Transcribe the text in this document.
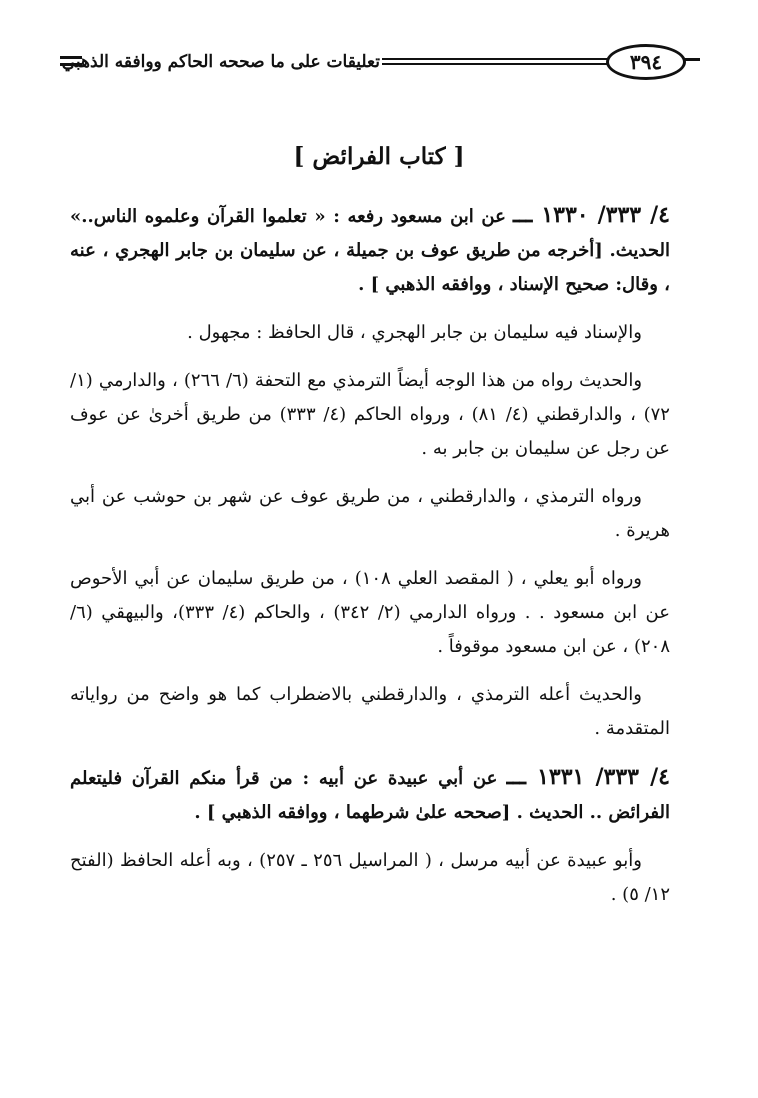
تعليقات على ما صححه الحاكم ووافقه الذهبي	٣٩٤
[ كتاب الفرائض ]

٤/ ٣٣٣/ ١٣٣٠ ـــ عن ابن مسعود رفعه : « تعلموا القرآن وعلموه الناس..» الحديث. [أخرجه من طريق عوف بن جميلة ، عن سليمان بن جابر الهجري ، عنه ، وقال: صحيح الإسناد ، ووافقه الذهبي ] .

والإسناد فيه سليمان بن جابر الهجري ، قال الحافظ : مجهول .

والحديث رواه من هذا الوجه أيضاً الترمذي مع التحفة (٦/ ٢٦٦) ، والدارمي (١/ ٧٢) ، والدارقطني (٤/ ٨١) ، ورواه الحاكم (٤/ ٣٣٣) من طريق أخرىٰ عن عوف عن رجل عن سليمان بن جابر به .

ورواه الترمذي ، والدارقطني ، من طريق عوف عن شهر بن حوشب عن أبي هريرة .

ورواه أبو يعلي ، ( المقصد العلي ١٠٨) ، من طريق سليمان عن أبي الأحوص عن ابن مسعود . . ورواه الدارمي (٢/ ٣٤٢) ، والحاكم (٤/ ٣٣٣)، والبيهقي (٦/ ٢٠٨) ، عن ابن مسعود موقوفاً .

والحديث أعله الترمذي ، والدارقطني بالاضطراب كما هو واضح من رواياته المتقدمة .

٤/ ٣٣٣/ ١٣٣١ ـــ عن أبي عبيدة عن أبيه : من قرأ منكم القرآن فليتعلم الفرائض .. الحديث . [صححه علىٰ شرطهما ، ووافقه الذهبي ] .

وأبو عبيدة عن أبيه مرسل ، ( المراسيل ٢٥٦ ـ ٢٥٧) ، وبه أعله الحافظ (الفتح ١٢/ ٥) .
